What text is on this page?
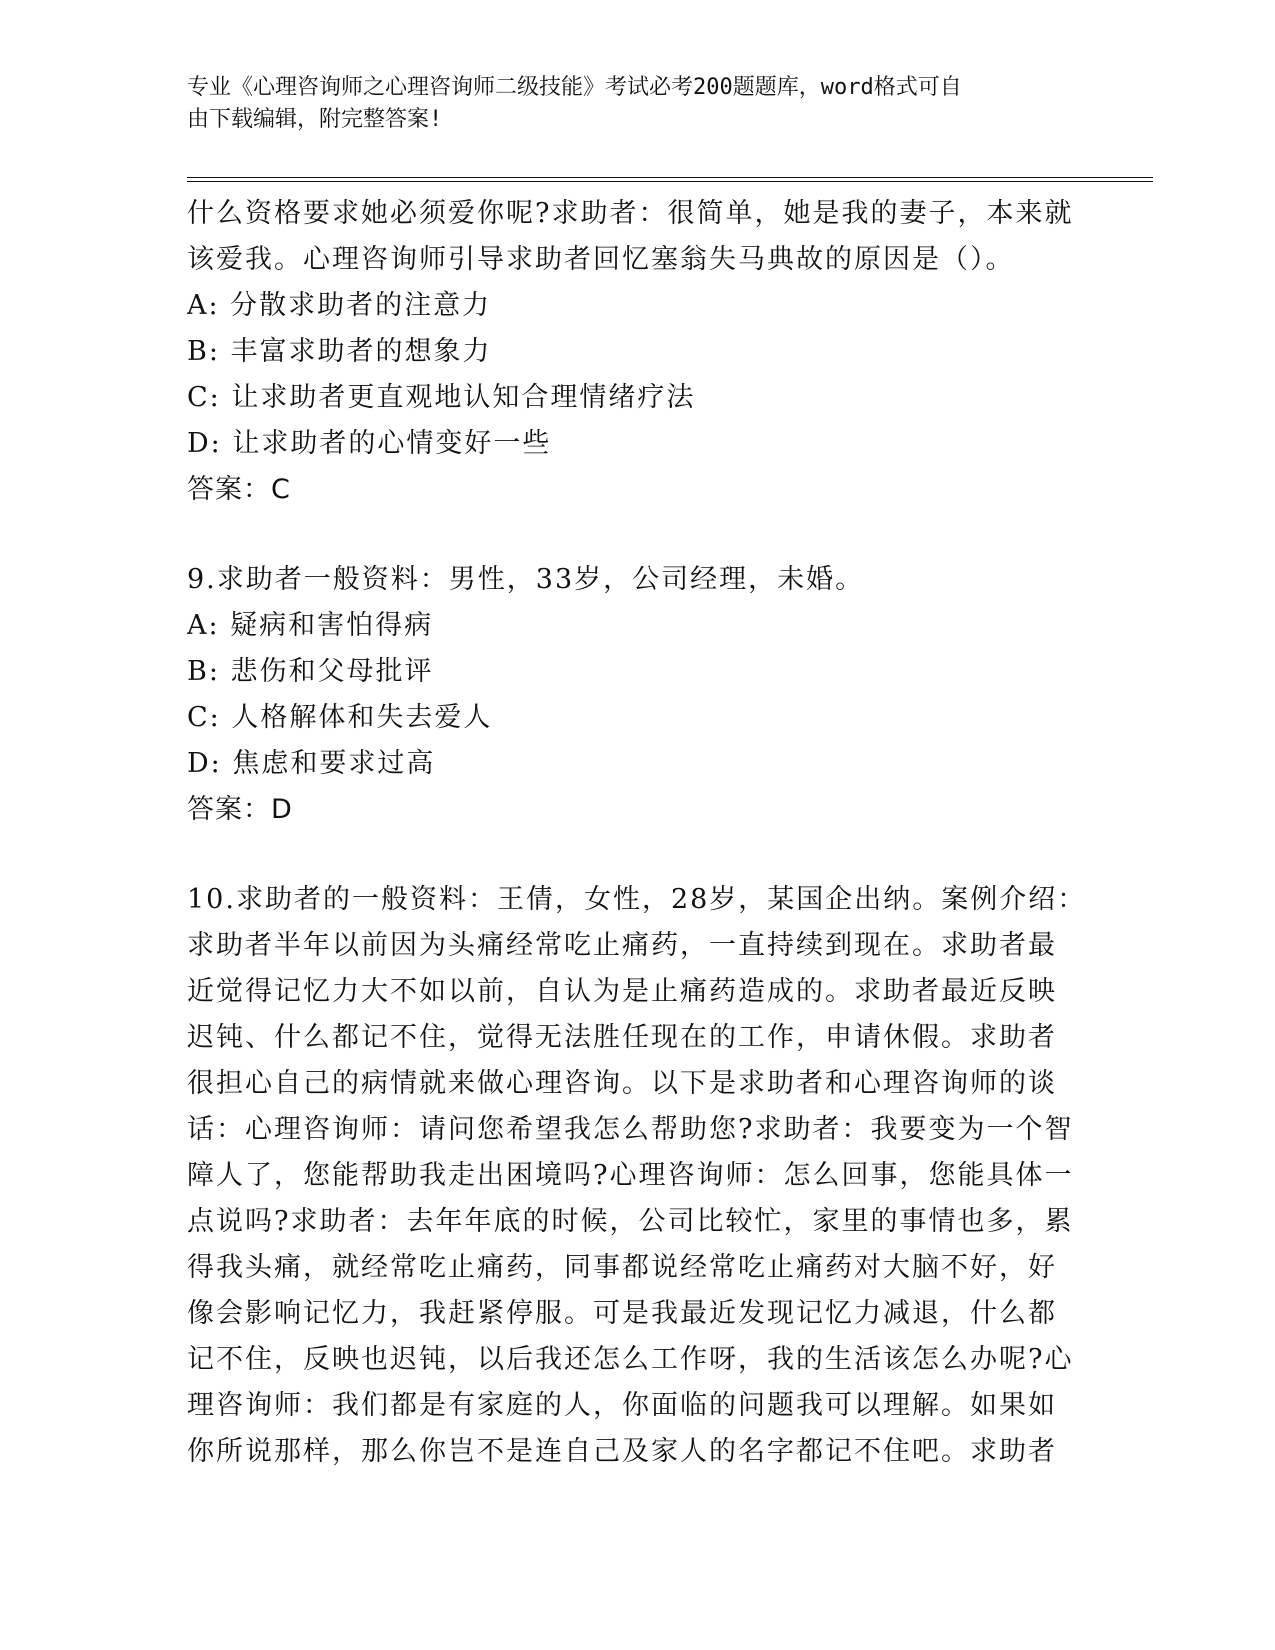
专业《心理咨询师之心理咨询师二级技能》考试必考200题题库，word格式可自
由下载编辑，附完整答案!
什么资格要求她必须爱你呢?求助者：很简单，她是我的妻子，本来就
该爱我。心理咨询师引导求助者回忆塞翁失马典故的原因是（）。
A: 分散求助者的注意力
B: 丰富求助者的想象力
C: 让求助者更直观地认知合理情绪疗法
D: 让求助者的心情变好一些
答案：C
9.求助者一般资料：男性，33岁，公司经理，未婚。
A: 疑病和害怕得病
B: 悲伤和父母批评
C: 人格解体和失去爱人
D: 焦虑和要求过高
答案：D
10.求助者的一般资料：王倩，女性，28岁，某国企出纳。案例介绍：
求助者半年以前因为头痛经常吃止痛药，一直持续到现在。求助者最
近觉得记忆力大不如以前，自认为是止痛药造成的。求助者最近反映
迟钝、什么都记不住，觉得无法胜任现在的工作，申请休假。求助者
很担心自己的病情就来做心理咨询。以下是求助者和心理咨询师的谈
话：心理咨询师：请问您希望我怎么帮助您?求助者：我要变为一个智
障人了，您能帮助我走出困境吗?心理咨询师：怎么回事，您能具体一
点说吗?求助者：去年年底的时候，公司比较忙，家里的事情也多，累
得我头痛，就经常吃止痛药，同事都说经常吃止痛药对大脑不好，好
像会影响记忆力，我赶紧停服。可是我最近发现记忆力减退，什么都
记不住，反映也迟钝，以后我还怎么工作呀，我的生活该怎么办呢?心
理咨询师：我们都是有家庭的人，你面临的问题我可以理解。如果如
你所说那样，那么你岂不是连自己及家人的名字都记不住吧。求助者
